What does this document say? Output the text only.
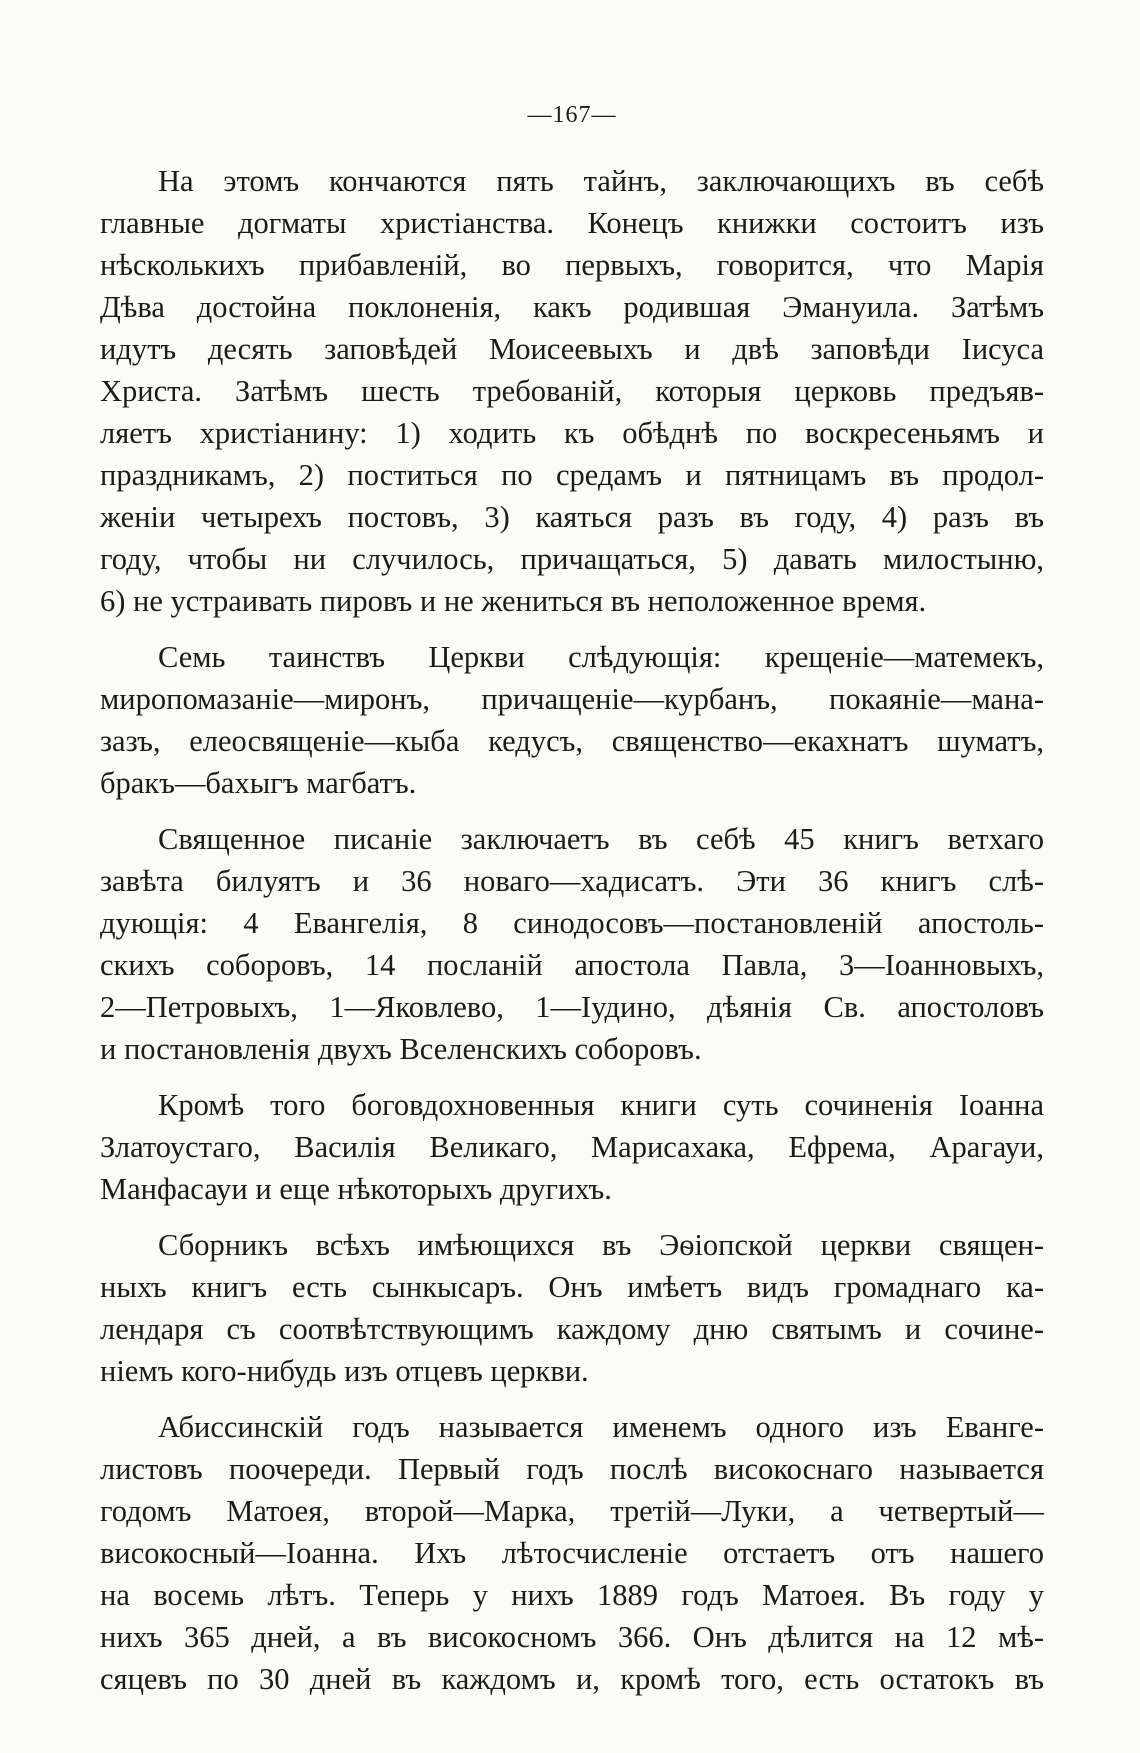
—167—

На этомъ кончаются пять тайнъ, заключающихъ въ себѣ
главные догматы христіанства. Конецъ книжки состоитъ изъ
нѣсколькихъ прибавленій, во первыхъ, говорится, что Марія
Дѣва достойна поклоненія, какъ родившая Эмануила. Затѣмъ
идутъ десять заповѣдей Моисеевыхъ и двѣ заповѣди Іисуса
Христа. Затѣмъ шесть требованій, которыя церковь предъяв-
ляетъ христіанину: 1) ходить къ обѣднѣ по воскресеньямъ и
праздникамъ, 2) поститься по средамъ и пятницамъ въ продол-
женіи четырехъ постовъ, 3) каяться разъ въ году, 4) разъ въ
году, чтобы ни случилось, причащаться, 5) давать милостыню,
6) не устраивать пировъ и не жениться въ неположенное время.

Семь таинствъ Церкви слѣдующія: крещеніе—матемекъ,
миропомазаніе—миронъ, причащеніе—курбанъ, покаяніе—мана-
зазъ, елеосвященіе—кыба кедусъ, священство—екахнатъ шуматъ,
бракъ—бахыгъ магбатъ.

Священное писаніе заключаетъ въ себѣ 45 книгъ ветхаго
завѣта билуятъ и 36 новаго—хадисатъ. Эти 36 книгъ слѣ-
дующія: 4 Евангелія, 8 синодосовъ—постановленій апостоль-
скихъ соборовъ, 14 посланій апостола Павла, 3—Іоанновыхъ,
2—Петровыхъ, 1—Яковлево, 1—Іудино, дѣянія Св. апостоловъ
и постановленія двухъ Вселенскихъ соборовъ.

Кромѣ того боговдохновенныя книги суть сочиненія Іоанна
Златоустаго, Василія Великаго, Марисахака, Ефрема, Арагауи,
Манфасауи и еще нѣкоторыхъ другихъ.

Сборникъ всѣхъ имѣющихся въ Эѳіопской церкви священ-
ныхъ книгъ есть сынкысаръ. Онъ имѣетъ видъ громаднаго ка-
лендаря съ соотвѣтствующимъ каждому дню святымъ и сочине-
ніемъ кого-нибудь изъ отцевъ церкви.

Абиссинскій годъ называется именемъ одного изъ Еванге-
листовъ поочереди. Первый годъ послѣ високоснаго называется
годомъ Матоея, второй—Марка, третій—Луки, а четвертый—
високосный—Іоанна. Ихъ лѣтосчисленіе отстаетъ отъ нашего
на восемь лѣтъ. Теперь у нихъ 1889 годъ Матоея. Въ году у
нихъ 365 дней, а въ високосномъ 366. Онъ дѣлится на 12 мѣ-
сяцевъ по 30 дней въ каждомъ и, кромѣ того, есть остатокъ въ
